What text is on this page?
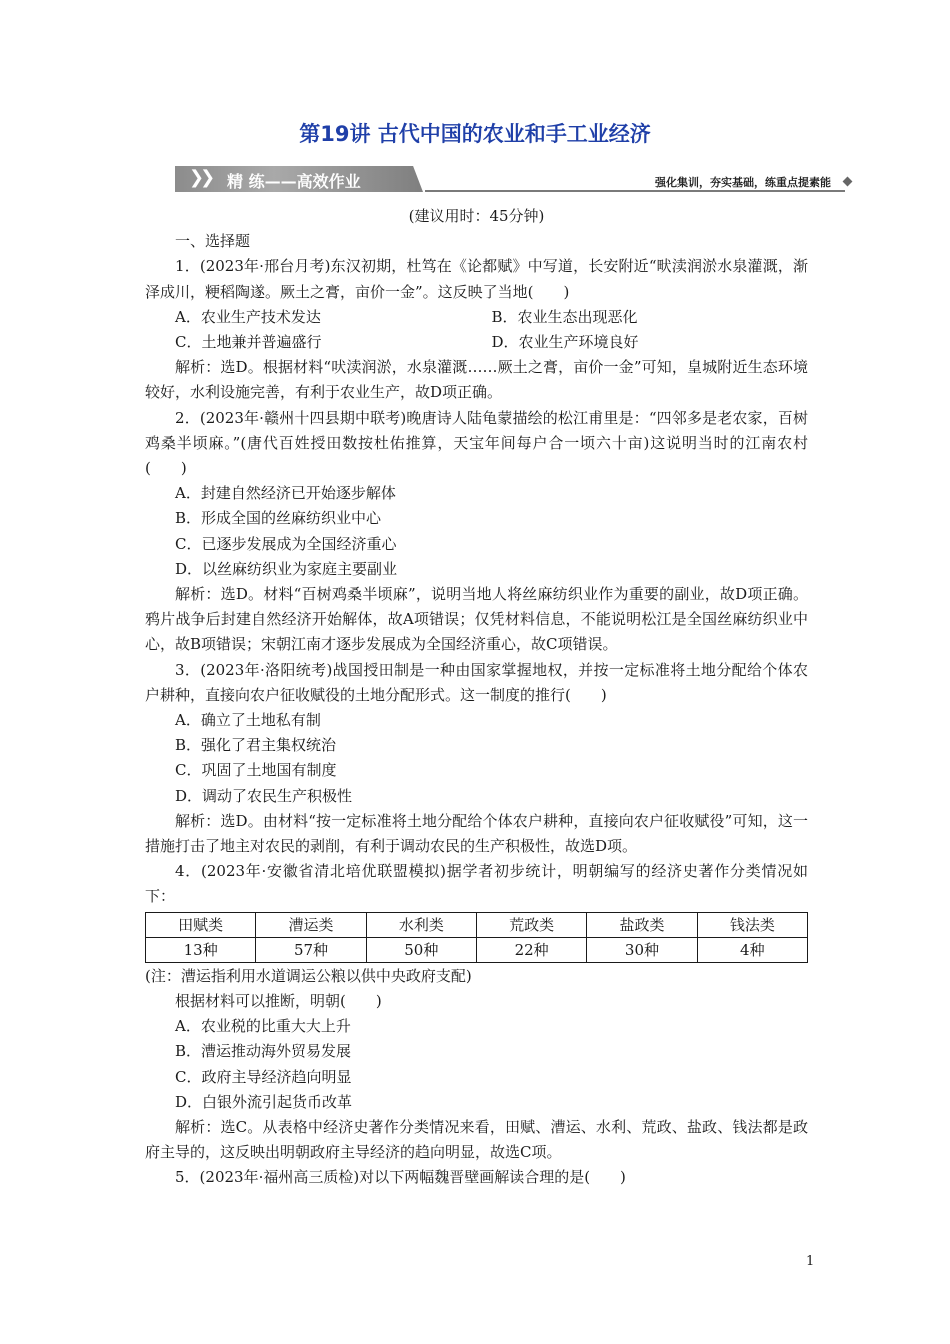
第19讲 古代中国的农业和手工业经济
❯❯ 精 练——高效作业	强化集训，夯实基础，练重点提素能

(建议用时：45分钟)

一、选择题

1．(2023年·邢台月考)东汉初期，杜笃在《论都赋》中写道，长安附近“畎渎润淤水泉灌溉，渐泽成川，粳稻陶遂。厥土之膏，亩价一金”。这反映了当地(　　)

A．农业生产技术发达	B．农业生态出现恶化
C．土地兼并普遍盛行	D．农业生产环境良好

解析：选D。根据材料“吠渎润淤，水泉灌溉……厥土之膏，亩价一金”可知，皇城附近生态环境较好，水利设施完善，有利于农业生产，故D项正确。

2．(2023年·赣州十四县期中联考)晚唐诗人陆龟蒙描绘的松江甫里是：“四邻多是老农家，百树鸡桑半顷麻。”(唐代百姓授田数按杜佑推算，天宝年间每户合一顷六十亩)这说明当时的江南农村(　　)

A．封建自然经济已开始逐步解体

B．形成全国的丝麻纺织业中心

C．已逐步发展成为全国经济重心

D．以丝麻纺织业为家庭主要副业

解析：选D。材料“百树鸡桑半顷麻”，说明当地人将丝麻纺织业作为重要的副业，故D项正确。鸦片战争后封建自然经济开始解体，故A项错误；仅凭材料信息，不能说明松江是全国丝麻纺织业中心，故B项错误；宋朝江南才逐步发展成为全国经济重心，故C项错误。

3．(2023年·洛阳统考)战国授田制是一种由国家掌握地权，并按一定标准将土地分配给个体农户耕种，直接向农户征收赋役的土地分配形式。这一制度的推行(　　)

A．确立了土地私有制

B．强化了君主集权统治

C．巩固了土地国有制度

D．调动了农民生产积极性

解析：选D。由材料“按一定标准将土地分配给个体农户耕种，直接向农户征收赋役”可知，这一措施打击了地主对农民的剥削，有利于调动农民的生产积极性，故选D项。

4．(2023年·安徽省清北培优联盟模拟)据学者初步统计，明朝编写的经济史著作分类情况如下：

田赋类	漕运类	水利类	荒政类	盐政类	钱法类
13种	57种	50种	22种	30种	4种

(注：漕运指利用水道调运公粮以供中央政府支配)

根据材料可以推断，明朝(　　)

A．农业税的比重大大上升

B．漕运推动海外贸易发展

C．政府主导经济趋向明显

D．白银外流引起货币改革

解析：选C。从表格中经济史著作分类情况来看，田赋、漕运、水利、荒政、盐政、钱法都是政府主导的，这反映出明朝政府主导经济的趋向明显，故选C项。

5．(2023年·福州高三质检)对以下两幅魏晋壁画解读合理的是(　　)

1
